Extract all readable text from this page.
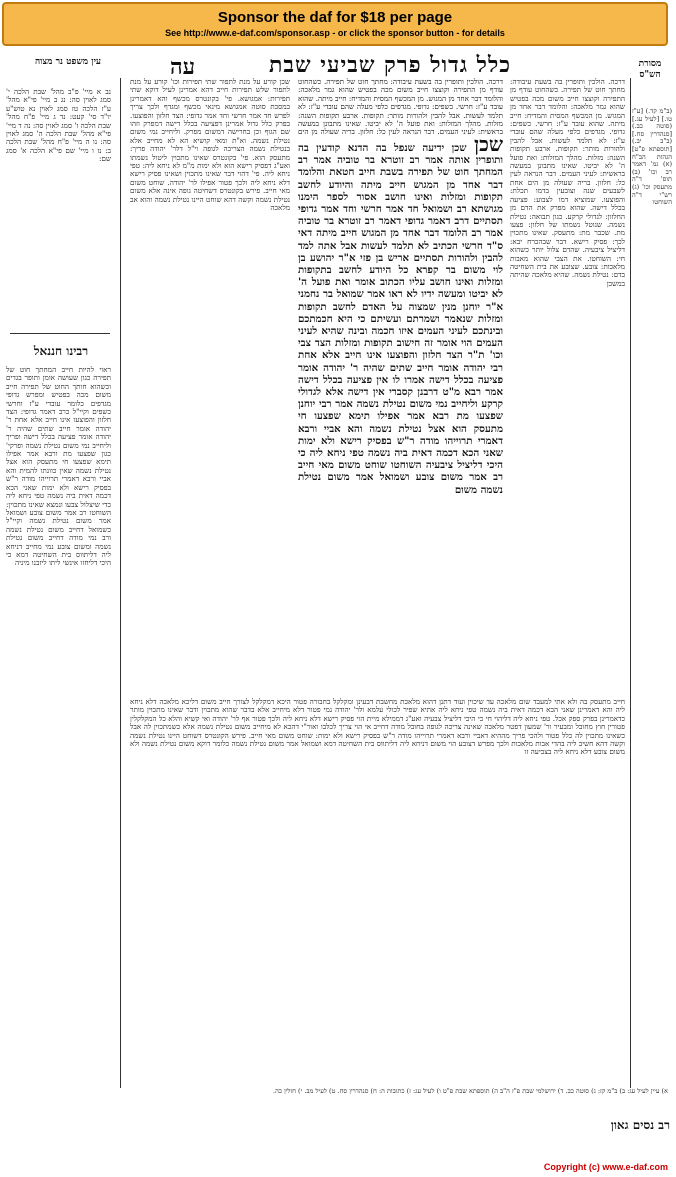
Sponsor the daf for $18 per page
See http://www.e-daf.com/sponsor.asp - or click the sponsor button - for details
עה	כלל גדול פרק שביעי שבת	מסורת הש"ס
עין משפט נר מצוה
דרכה. הולכין ותופרין בה בשעת עיבודה: מחתך חוט של תפירה. כשהחוט עודף מן התפירה וקוצצו חייב משום מכה בפטיש שהוא גמר מלאכה: והלומד דבר אחד מן המגוש. מן המכשף המסית והמדיח: חייב מיתה. שהוא עובד ע"ז: חרשי. כשפים: גדופי. מגדפים כלפי מעלה שהם עובדי ע"ז: לא תלמד לעשות. אבל להבין ולהורות מותר: תקופות. ארבע תקופות השנה: מזלות. מהלך המזלות: ואת פועל ה' לא יביטו. שאינו מתבונן במעשה בראשית: לעיני העמים. דבר הנראה לעין כל: חלזון. בריה שעולה מן הים אחת לשבעים שנה וצובעין בדמו תכלת: והפוצעו. שמוציא דמו לצבוע: פציעה בכלל דישה. שהוא מפרק את הדם מן החלזון: לגדולי קרקע. כגון תבואה: נטילת נשמה. שנוטל נשמתו של חלזון: פצעו מת. שכבר מת: מתעסק. שאינו מתכוין לכך: פסיק רישא. דבר שבהכרח יבא: דליציל ציבעיה. שהדם צלול יותר כשהוא חי: השוחטו. את הצבי שהוא מאבות מלאכות: צובע. שצובע את בית השחיטה בדם: נטילת נשמה. שהיא מלאכה שהיתה במשכן
שכן קורע על מנת לתפור שתי תפירות וכו' קורע על מנת לתפור שלש תפירות חייב דהא אמרינן לעיל דוקא שתי תפירות: אמגושא. פי' בקונטרס מכשף והא דאמרינן במסכת סוטה אמגושא מינאי מכשף ומגדף ולכך צריך לפרש חד אמר חרשי וחד אמר גדופי: הצד חלזון והפוצעו. בפרק כלל גדול אמרינן דפציעה בכלל דישה דמפרק וזהו שם הגוף וכן בחרישה דמשום מפרק. וליחייב נמי משום נטילת נשמה. וא"ת ומאי קושיא הא לא מחייב אלא בנטילת נשמה הצריכה לגופה וי"ל דלר' יהודה פריך: מתעסק הוא. פי' בקונטרס שאינו מתכוין ליטול נשמתו ואע"ג דפסיק רישא הוא ולא ימות מ"מ לא ניחא ליה: טפי ניחא ליה. פי' דהוי דבר שאינו מתכוין ושאינו פסיק רישא דלא ניחא ליה ולכך פטור אפילו לר' יהודה. שוחט משום מאי חייב. פירש בקונטרס דשחיטה גופה אינה אלא משום נטילת נשמה וקשה דהא שוחט היינו נטילת נשמה והוא אב מלאכה
דרכה. הולכין ותופרין בה בשעת עיבודה: מחתך חוט של תפירה. כשהחוט עודף מן התפירה וקוצצו חייב משום מכה בפטיש שהוא גמר מלאכה: והלומד דבר אחד מן המגוש. מן המכשף המסית והמדיח: חייב מיתה. שהוא עובד ע"ז: חרשי. כשפים: גדופי. מגדפים כלפי מעלה שהם עובדי ע"ז: לא תלמד לעשות. אבל להבין ולהורות מותר: תקופות. ארבע תקופות השנה: מזלות. מהלך המזלות: ואת פועל ה' לא יביטו. שאינו מתבונן במעשה בראשית: לעיני העמים. דבר הנראה לעין כל: חלזון. בריה שעולה מן הים
שכן שכן ידיעה שנפל בה הדנא קודעין בה ותופרין אותה אמר רב זוטרא בר טוביה אמר רב המחתך חוט של תפירה בשבת חייב חטאת והלומד דבר אחד מן המגוש חייב מיתה והיודע לחשב תקופות ומזלות ואינו חושב אסור לספר הימנו מגושתא רב ושמואל חד אמר חרשי וחד אמר גדופי תסתיים דרב דאמר גדופי דאמר רב זוטרא בר טוביה אמר רב הלומד דבר אחד מן המגוש חייב מיתה דאי ס"ד חרשי הכתיב לא תלמד לעשות אבל אתה למד להבין ולהורות תסתיים אריש בן פזי א"ר יהושע בן לוי משום בר קפרא כל היודע לחשב בתקופות ומזלות ואינו חושב עליו הכתוב אומר ואת פועל ה' לא יביטו ומעשה ידיו לא ראו אמר שמואל בר נחמני א"ר יוחנן מנין שמצוה על האדם לחשב תקופות ומזלות שנאמר ושמרתם ועשיתם כי היא חכמתכם ובינתכם לעיני העמים איזו חכמה ובינה שהיא לעיני העמים הוי אומר זה חישוב תקופות ומזלות הצד צבי וכו' ת"ר הצד חלזון והפוצעו אינו חייב אלא אחת רבי יהודה אומר חייב שתים שהיה ר' יהודה אומר פציעה בכלל דישה אמרו לו אין פציעה בכלל דישה אמר רבא מ"ט דרבנן קסברי אין דישה אלא לגדולי קרקע וליחייב נמי משום נטילת נשמה אמר רבי יוחנן שפצעו מת רבא אמר אפילו תימא שפצעו חי מתעסק הוא אצל נטילת נשמה והא אביי ורבא דאמרי תרוייהו מודה ר"ש בפסיק רישא ולא ימות שאני הכא דכמה דאית ביה נשמה טפי ניחא ליה כי היכי דליציל ציבעיה השוחטו שוחט משום מאי חייב רב אמר משום צובע ושמואל אמר משום נטילת נשמה משום
נב א מיי' פ"ב מהל' שבת הלכה י' סמג לאוין סה: נג ב מיי' פי"א מהל' ע"ז הלכה טז סמג לאוין נא טוש"ע יו"ד סי' קעט: נד ג מיי' פ"ח מהל' שבת הלכה ז' סמג לאוין סה: נה ד מיי' פי"א מהל' שבת הלכה ה' סמג לאוין סה: נו ה מיי' פ"ח מהל' שבת הלכה ב: נז ו מיי' שם פי"א הלכה א' סמג שם:
רבינו חננאל
ראוי להיות חייב המחתך חוט של תפירה כגון שעושה אומן ותופר בגדים וכשהוא חותך החוט של תפירה חייב משום מכה בפטיש ומפרש גדופי מגדפים כלומר עובדי ע"ז וחרשי כשפים וקיי"ל כרב דאמר גדופי: הצד חלזון והפוצעו אינו חייב אלא אחת ר' יהודה אומר חייב שתים שהיה ר' יהודה אומר פציעה בכלל דישה ופריך וליחייב נמי משום נטילת נשמה ופרקי' כגון שפצעו מת ורבא אמר אפילו תימא שפצעו חי מתעסק הוא אצל נטילת נשמה שאין כוונתו להמית והא אביי ורבא דאמרי תרוייהו מודה ר"ש בפסיק רישא ולא ימות שאני הכא דכמה דאית ביה נשמה טפי ניחא ליה כדי שיצלול צבעו ונמצא שאינו מתכוין: השוחטו רב אמר משום צובע ושמואל אמר משום נטילת נשמה וקיי"ל כשמואל דחייב משום נטילת נשמה ורב נמי מודה דחייב משום נטילת נשמה ומשום צובע נמי מחייב דניחא ליה דליתווס בית השחיטה דמא כי היכי דליחזו אינשי ליתו ליזבנו מיניה
(ב"מ קד.) [ע"ז טו.] [לעיל עג.] (סוטה כב.) [סנהדרין סח.] (ב"ב יב.) [תוספתא פ"ט] הגהות הב"ח (א) גמ' דאמר רב וכו' (ב) תוס' ד"ה מתעסק וכו' (ג) רש"י ד"ה השוחטו
חייב מתעסק בה ולא אתי למעבד שום מלאכה עד שיכוין ועוד דתנן דהוא מלאכת מחשבת דבעינן ומקלקל בחבורה פטור היכא דמקלקל לצורך חייב משום דליכא מלאכה דלא ניחא ליה והא דאמרינן שאני הכא דכמה דאית ביה נשמה טפי ניחא ליה אתיא שפיר לכולי עלמא ולר' יהודה נמי פטור דלא מיחייב אלא בדבר שהוא מתכוין ודבר שאינו מתכוין מותר כדאמרינן בפרק ספק אכל. טפי ניחא ליה דליהוי חי כי היכי דליציל צבעיה ואע"ג דממילא מיית הוי פסיק רישא דלא ניחא ליה ולכך פטור אף לר' יהודה ואי קשיא והלא כל המקלקלין פטורין חוץ מחובל ומבעיר ור' שמעון דפטר מלאכה שאינה צריכה לגופה בחובל מודה דחייב אי הוי צריך לכלבו ואור"י דהכא לא מיחייב משום נטילת נשמה אלא כשמתכוין לה אבל כשאינו מתכוין לה כלל פטור ולהכי פריך מההיא דאביי ורבא דאמרי תרוייהו מודה ר"ש בפסיק רישא ולא ימות: שוחט משום מאי חייב. פירש הקונטרס דשוחט היינו נטילת נשמה וקשה דהא חשיב ליה בהדי אבות מלאכות ולכך מפרש דצובע הוי משום דניחא ליה דליתווס בית השחיטה דמא ושמואל אמר משום נטילת נשמה כלומר דוקא משום נטילת נשמה ולא משום צובע דלא ניחא ליה בצביעה זו
א) עיין לעיל עג: ב) ב"מ קז: ג) סוטה כב. ד) ירושלמי שבת פ"ז ה"ב ה) תוספתא שבת פ"ט ו) לעיל עג: ז) כתובות ה: ח) סנהדרין סח. ט) לעיל מב. י) חולין כה.
רב נסים גאון
Copyright (c) www.e-daf.com
